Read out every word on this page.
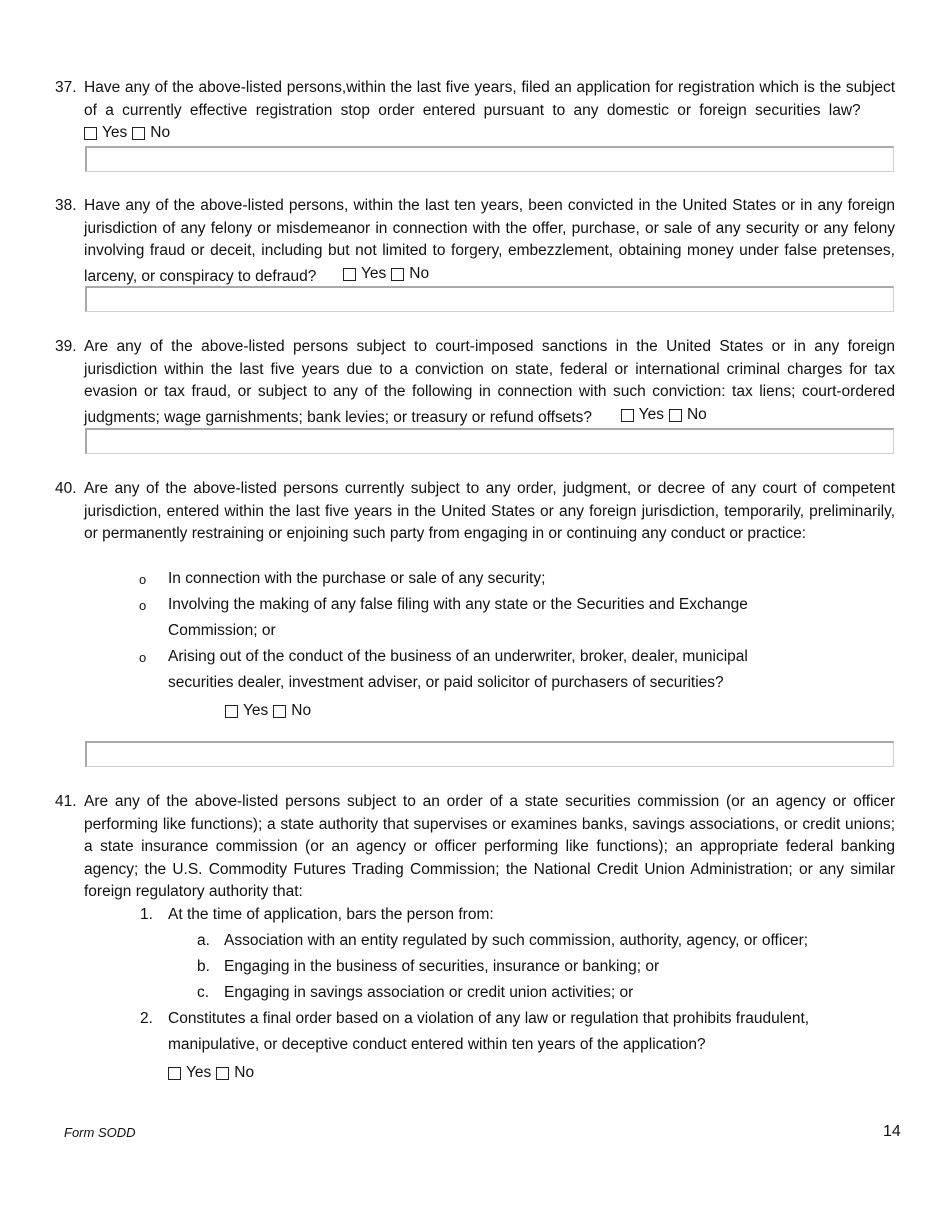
37. Have any of the above-listed persons,within the last five years, filed an application for registration which is the subject of a currently effective registration stop order entered pursuant to any domestic or foreign securities law?
Yes No
38. Have any of the above-listed persons, within the last ten years, been convicted in the United States or in any foreign jurisdiction of any felony or misdemeanor in connection with the offer, purchase, or sale of any security or any felony involving fraud or deceit, including but not limited to forgery, embezzlement, obtaining money under false pretenses, larceny, or conspiracy to defraud?	Yes No
39. Are any of the above-listed persons subject to court-imposed sanctions in the United States or in any foreign jurisdiction within the last five years due to a conviction on state, federal or international criminal charges for tax evasion or tax fraud, or subject to any of the following in connection with such conviction: tax liens; court-ordered judgments; wage garnishments; bank levies; or treasury or refund offsets?	Yes No
40. Are any of the above-listed persons currently subject to any order, judgment, or decree of any court of competent jurisdiction, entered within the last five years in the United States or any foreign jurisdiction, temporarily, preliminarily, or permanently restraining or enjoining such party from engaging in or continuing any conduct or practice:
o In connection with the purchase or sale of any security;
o Involving the making of any false filing with any state or the Securities and Exchange
Commission; or
o Arising out of the conduct of the business of an underwriter, broker, dealer, municipal
securities dealer, investment adviser, or paid solicitor of purchasers of securities?
Yes No
41. Are any of the above-listed persons subject to an order of a state securities commission (or an agency or officer performing like functions); a state authority that supervises or examines banks, savings associations, or credit unions; a state insurance commission (or an agency or officer performing like functions); an appropriate federal banking agency; the U.S. Commodity Futures Trading Commission; the National Credit Union Administration; or any similar foreign regulatory authority that:
1. At the time of application, bars the person from:
a. Association with an entity regulated by such commission, authority, agency, or officer;
b. Engaging in the business of securities, insurance or banking; or
c. Engaging in savings association or credit union activities; or
2. Constitutes a final order based on a violation of any law or regulation that prohibits fraudulent,
manipulative, or deceptive conduct entered within ten years of the application?
Yes No
Form SODD	14
